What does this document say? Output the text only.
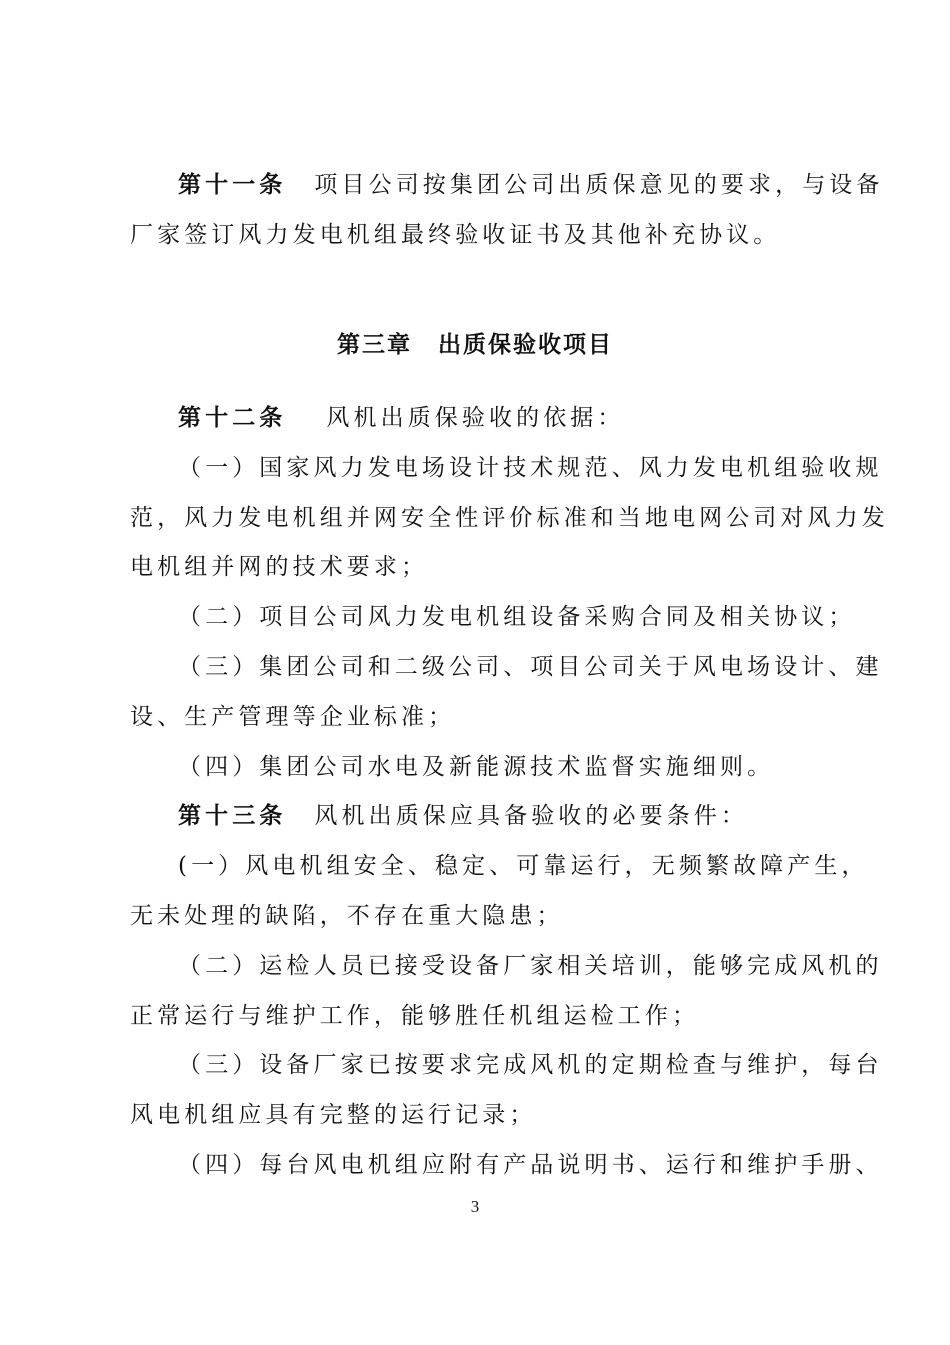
第十一条 项目公司按集团公司出质保意见的要求，与设备
厂家签订风力发电机组最终验收证书及其他补充协议。
第三章 出质保验收项目
第十二条 风机出质保验收的依据：
（一）国家风力发电场设计技术规范、风力发电机组验收规
范，风力发电机组并网安全性评价标准和当地电网公司对风力发
电机组并网的技术要求；
（二）项目公司风力发电机组设备采购合同及相关协议；
（三）集团公司和二级公司、项目公司关于风电场设计、建
设、生产管理等企业标准；
（四）集团公司水电及新能源技术监督实施细则。
第十三条 风机出质保应具备验收的必要条件：
(一）风电机组安全、稳定、可靠运行，无频繁故障产生，
无未处理的缺陷，不存在重大隐患；
（二）运检人员已接受设备厂家相关培训，能够完成风机的
正常运行与维护工作，能够胜任机组运检工作；
（三）设备厂家已按要求完成风机的定期检查与维护，每台
风电机组应具有完整的运行记录；
（四）每台风电机组应附有产品说明书、运行和维护手册、
3
